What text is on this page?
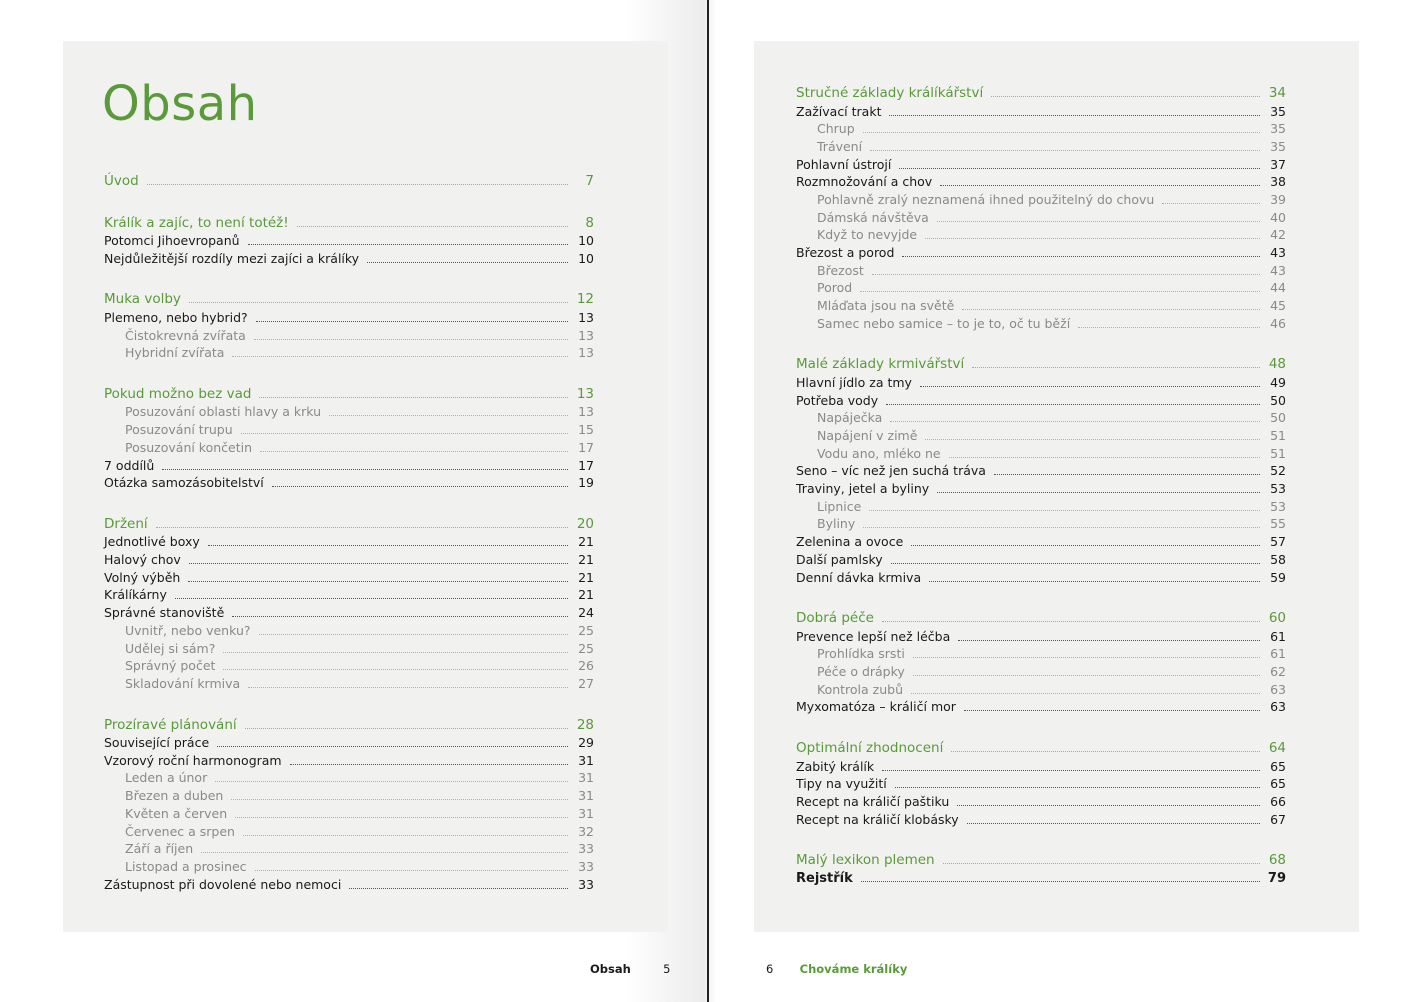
Obsah
Úvod	7
Králík a zajíc, to není totéž!	8
Potomci Jihoevropanů	10
Nejdůležitější rozdíly mezi zajíci a králíky	10
Muka volby	12
Plemeno, nebo hybrid?	13
Čistokrevná zvířata	13
Hybridní zvířata	13
Pokud možno bez vad	13
Posuzování oblasti hlavy a krku	13
Posuzování trupu	15
Posuzování končetin	17
7 oddílů	17
Otázka samozásobitelství	19
Držení	20
Jednotlivé boxy	21
Halový chov	21
Volný výběh	21
Králíkárny	21
Správné stanoviště	24
Uvnitř, nebo venku?	25
Udělej si sám?	25
Správný počet	26
Skladování krmiva	27
Prozíravé plánování	28
Související práce	29
Vzorový roční harmonogram	31
Leden a únor	31
Březen a duben	31
Květen a červen	31
Červenec a srpen	32
Září a říjen	33
Listopad a prosinec	33
Zástupnost při dovolené nebo nemoci	33
Stručné základy králíkářství	34
Zažívací trakt	35
Chrup	35
Trávení	35
Pohlavní ústrojí	37
Rozmnožování a chov	38
Pohlavně zralý neznamená ihned použitelný do chovu	39
Dámská návštěva	40
Když to nevyjde	42
Březost a porod	43
Březost	43
Porod	44
Mláďata jsou na světě	45
Samec nebo samice – to je to, oč tu běží	46
Malé základy krmivářství	48
Hlavní jídlo za tmy	49
Potřeba vody	50
Napáječka	50
Napájení v zimě	51
Vodu ano, mléko ne	51
Seno – víc než jen suchá tráva	52
Traviny, jetel a byliny	53
Lipnice	53
Byliny	55
Zelenina a ovoce	57
Další pamlsky	58
Denní dávka krmiva	59
Dobrá péče	60
Prevence lepší než léčba	61
Prohlídka srsti	61
Péče o drápky	62
Kontrola zubů	63
Myxomatóza – králičí mor	63
Optimální zhodnocení	64
Zabitý králík	65
Tipy na využití	65
Recept na králičí paštiku	66
Recept na králičí klobásky	67
Malý lexikon plemen	68
Rejstřík	79
Obsah	5	6 Chováme králíky
